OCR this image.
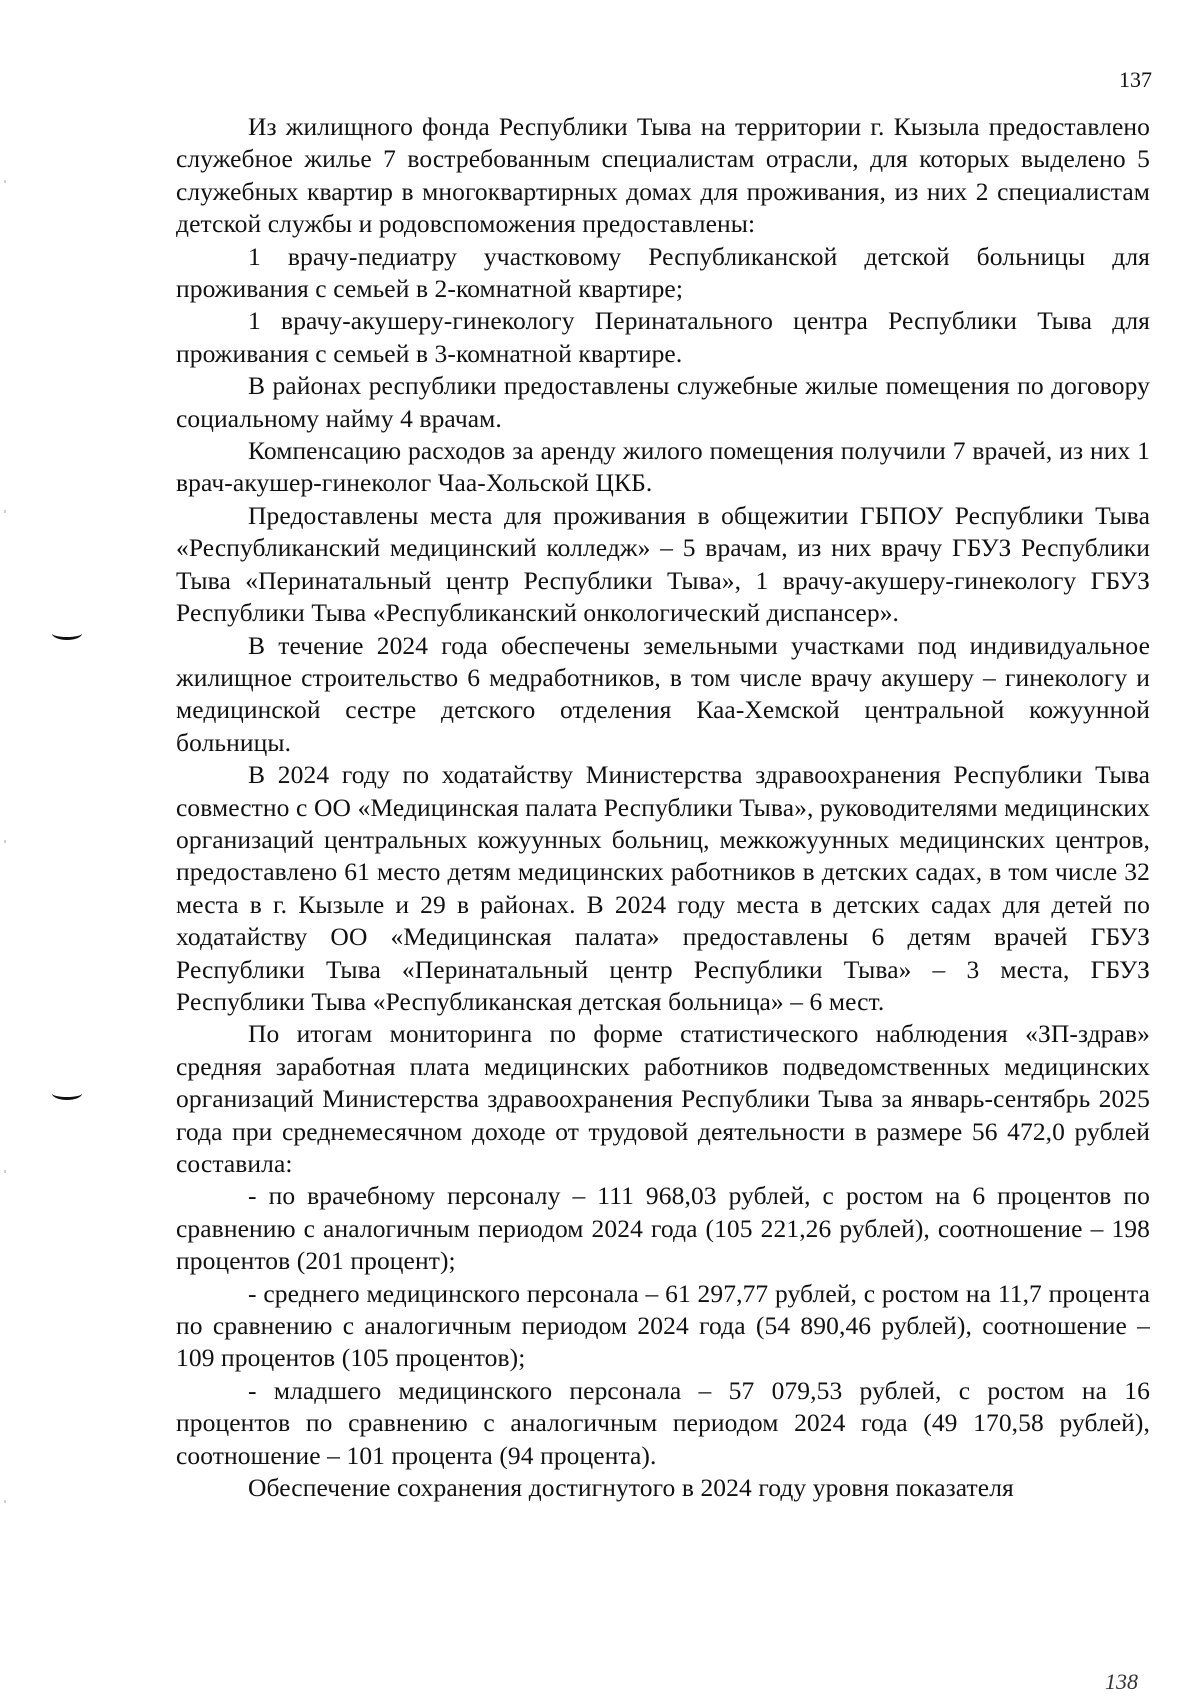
137

Из жилищного фонда Республики Тыва на территории г. Кызыла предоставлено служебное жилье 7 востребованным специалистам отрасли, для которых выделено 5 служебных квартир в многоквартирных домах для проживания, из них 2 специалистам детской службы и родовспоможения предоставлены:

1 врачу-педиатру участковому Республиканской детской больницы для проживания с семьей в 2-комнатной квартире;

1 врачу-акушеру-гинекологу Перинатального центра Республики Тыва для проживания с семьей в 3-комнатной квартире.

В районах республики предоставлены служебные жилые помещения по договору социальному найму 4 врачам.

Компенсацию расходов за аренду жилого помещения получили 7 врачей, из них 1 врач-акушер-гинеколог Чаа-Хольской ЦКБ.

Предоставлены места для проживания в общежитии ГБПОУ Республики Тыва «Республиканский медицинский колледж» – 5 врачам, из них врачу ГБУЗ Республики Тыва «Перинатальный центр Республики Тыва», 1 врачу-акушеру-гинекологу ГБУЗ Республики Тыва «Республиканский онкологический диспансер».

В течение 2024 года обеспечены земельными участками под индивидуальное жилищное строительство 6 медработников, в том числе врачу акушеру – гинекологу и медицинской сестре детского отделения Каа-Хемской центральной кожуунной больницы.

В 2024 году по ходатайству Министерства здравоохранения Республики Тыва совместно с ОО «Медицинская палата Республики Тыва», руководителями медицинских организаций центральных кожуунных больниц, межкожуунных медицинских центров, предоставлено 61 место детям медицинских работников в детских садах, в том числе 32 места в г. Кызыле и 29 в районах. В 2024 году места в детских садах для детей по ходатайству ОО «Медицинская палата» предоставлены 6 детям врачей ГБУЗ Республики Тыва «Перинатальный центр Республики Тыва» – 3 места, ГБУЗ Республики Тыва «Республиканская детская больница» – 6 мест.

По итогам мониторинга по форме статистического наблюдения «ЗП-здрав» средняя заработная плата медицинских работников подведомственных медицинских организаций Министерства здравоохранения Республики Тыва за январь-сентябрь 2025 года при среднемесячном доходе от трудовой деятельности в размере 56 472,0 рублей составила:

- по врачебному персоналу – 111 968,03 рублей, с ростом на 6 процентов по сравнению с аналогичным периодом 2024 года (105 221,26 рублей), соотношение – 198 процентов (201 процент);

- среднего медицинского персонала – 61 297,77 рублей, с ростом на 11,7 процента по сравнению с аналогичным периодом 2024 года (54 890,46 рублей), соотношение – 109 процентов (105 процентов);

- младшего медицинского персонала – 57 079,53 рублей, с ростом на 16 процентов по сравнению с аналогичным периодом 2024 года (49 170,58 рублей), соотношение – 101 процента (94 процента).

Обеспечение сохранения достигнутого в 2024 году уровня показателя

138
